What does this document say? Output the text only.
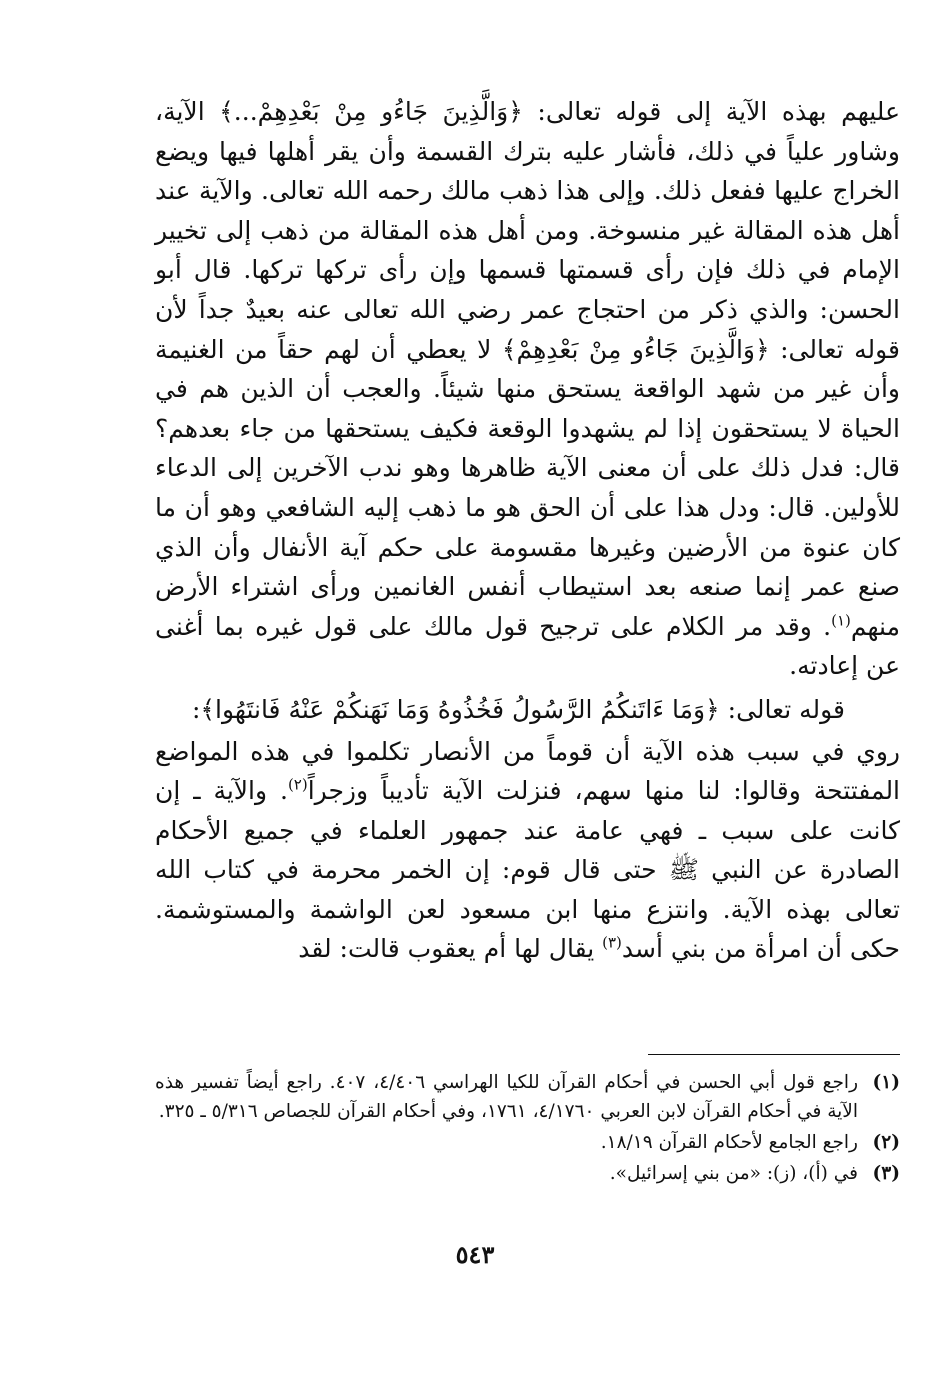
عليهم بهذه الآية إلى قوله تعالى: ﴿وَالَّذِينَ جَاءُو مِنْ بَعْدِهِمْ...﴾ الآية، وشاور علياً في ذلك، فأشار عليه بترك القسمة وأن يقر أهلها فيها ويضع الخراج عليها ففعل ذلك. وإلى هذا ذهب مالك رحمه الله تعالى. والآية عند أهل هذه المقالة غير منسوخة. ومن أهل هذه المقالة من ذهب إلى تخيير الإمام في ذلك فإن رأى قسمتها قسمها وإن رأى تركها تركها. قال أبو الحسن: والذي ذكر من احتجاج عمر رضي الله تعالى عنه بعيدٌ جداً لأن قوله تعالى: ﴿وَالَّذِينَ جَاءُو مِنْ بَعْدِهِمْ﴾ لا يعطي أن لهم حقاً من الغنيمة وأن غير من شهد الواقعة يستحق منها شيئاً. والعجب أن الذين هم في الحياة لا يستحقون إذا لم يشهدوا الوقعة فكيف يستحقها من جاء بعدهم؟ قال: فدل ذلك على أن معنى الآية ظاهرها وهو ندب الآخرين إلى الدعاء للأولين. قال: ودل هذا على أن الحق هو ما ذهب إليه الشافعي وهو أن ما كان عنوة من الأرضين وغيرها مقسومة على حكم آية الأنفال وأن الذي صنع عمر إنما صنعه بعد استيطاب أنفس الغانمين ورأى اشتراء الأرض منهم$^{(١)}$. وقد مر الكلام على ترجيح قول مالك على قول غيره بما أغنى عن إعادته.

قوله تعالى: ﴿وَمَا ءَاتَنكُمُ الرَّسُولُ فَخُذُوهُ وَمَا نَهَنكُمْ عَنْهُ فَانتَهُوا﴾:

روي في سبب هذه الآية أن قوماً من الأنصار تكلموا في هذه المواضع المفتتحة وقالوا: لنا منها سهم، فنزلت الآية تأديباً وزجراً$^{(٢)}$. والآية ـ إن كانت على سبب ـ فهي عامة عند جمهور العلماء في جميع الأحكام الصادرة عن النبي ﷺ حتى قال قوم: إن الخمر محرمة في كتاب الله تعالى بهذه الآية. وانتزع منها ابن مسعود لعن الواشمة والمستوشمة. حكى أن امرأة من بني أسد$^{(٣)}$ يقال لها أم يعقوب قالت: لقد

(١)
راجع قول أبي الحسن في أحكام القرآن للكيا الهراسي ٤/٤٠٦، ٤٠٧. راجع أيضاً تفسير هذه الآية في أحكام القرآن لابن العربي ٤/١٧٦٠، ١٧٦١، وفي أحكام القرآن للجصاص ٥/٣١٦ ـ ٣٢٥.
(٢)
راجع الجامع لأحكام القرآن ١٨/١٩.
(٣)
في (أ)، (ز): «من بني إسرائيل».
٥٤٣
